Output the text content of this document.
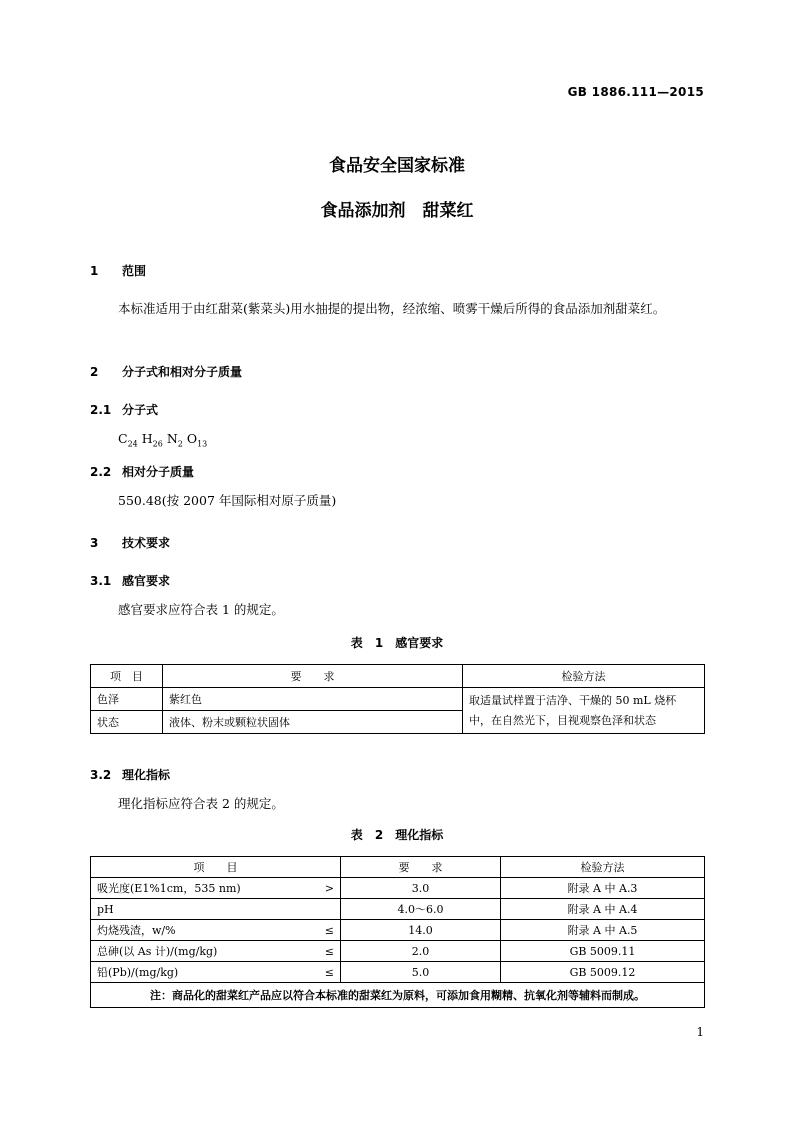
GB 1886.111—2015
食品安全国家标准
食品添加剂　甜菜红
1 范围
本标准适用于由红甜菜(紫菜头)用水抽提的提出物，经浓缩、喷雾干燥后所得的食品添加剂甜菜红。
2 分子式和相对分子质量
2.1 分子式
$C_{24}$ $H_{26}$ $N_2$ $O_{13}$
2.2 相对分子质量
550.48(按 2007 年国际相对原子质量)
3 技术要求
3.1 感官要求
感官要求应符合表 1 的规定。
表 1　感官要求
项　目	要　　求	检验方法
色泽	紫红色	取适量试样置于洁净、干燥的 50 mL 烧杯中，在自然光下，目视观察色泽和状态
状态	液体、粉末或颗粒状固体	
3.2 理化指标
理化指标应符合表 2 的规定。
表 2　理化指标
项　　目		要　　求	检验方法
吸光度(E1%1cm，535 nm)	>	3.0	附录 A 中 A.3
pH		4.0～6.0	附录 A 中 A.4
灼烧残渣，w/%	≤	14.0	附录 A 中 A.5
总砷(以 As 计)/(mg/kg)	≤	2.0	GB 5009.11
铅(Pb)/(mg/kg)	≤	5.0	GB 5009.12
注：商品化的甜菜红产品应以符合本标准的甜菜红为原料，可添加食用糊精、抗氧化剂等辅料而制成。			
1
